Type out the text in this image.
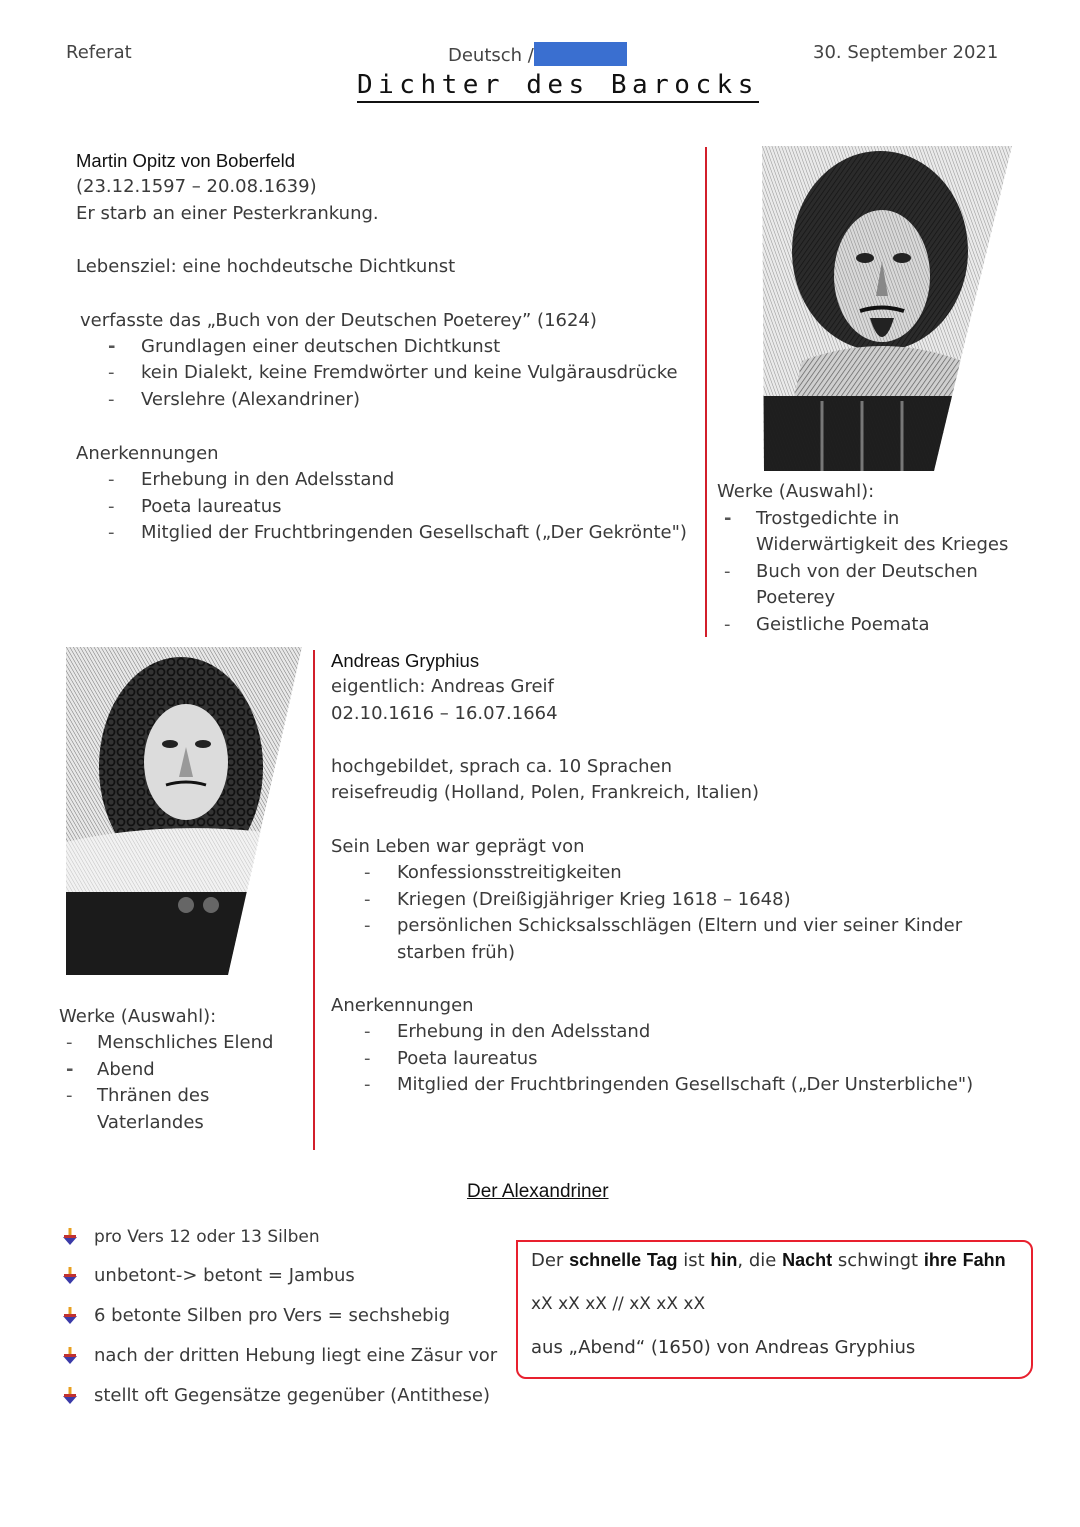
Referat	Deutsch /	30. September 2021
Dichter des Barocks
Martin Opitz von Boberfeld
(23.12.1597 – 20.08.1639)
Er starb an einer Pesterkrankung.
Lebensziel: eine hochdeutsche Dichtkunst
verfasste das „Buch von der Deutschen Poeterey” (1624)
- Grundlagen einer deutschen Dichtkunst
- kein Dialekt, keine Fremdwörter und keine Vulgärausdrücke
- Verslehre (Alexandriner)
Anerkennungen
- Erhebung in den Adelsstand
- Poeta laureatus
- Mitglied der Fruchtbringenden Gesellschaft („Der Gekrönte")
Werke (Auswahl):
- Trostgedichte in
Widerwärtigkeit des Krieges
- Buch von der Deutschen
Poeterey
- Geistliche Poemata
Andreas Gryphius
eigentlich: Andreas Greif
02.10.1616 – 16.07.1664
hochgebildet, sprach ca. 10 Sprachen
reisefreudig (Holland, Polen, Frankreich, Italien)
Sein Leben war geprägt von
- Konfessionsstreitigkeiten
- Kriegen (Dreißigjähriger Krieg 1618 – 1648)
- persönlichen Schicksalsschlägen (Eltern und vier seiner Kinder
starben früh)
Anerkennungen
- Erhebung in den Adelsstand
- Poeta laureatus
- Mitglied der Fruchtbringenden Gesellschaft („Der Unsterbliche")
Werke (Auswahl):
- Menschliches Elend
- Abend
- Thränen des
Vaterlandes
Der Alexandriner
pro Vers 12 oder 13 Silben
unbetont-> betont = Jambus
6 betonte Silben pro Vers = sechshebig
nach der dritten Hebung liegt eine Zäsur vor
stellt oft Gegensätze gegenüber (Antithese)
Der schnelle Tag ist hin, die Nacht schwingt ihre Fahn
xX xX xX // xX xX xX
aus „Abend“ (1650) von Andreas Gryphius
